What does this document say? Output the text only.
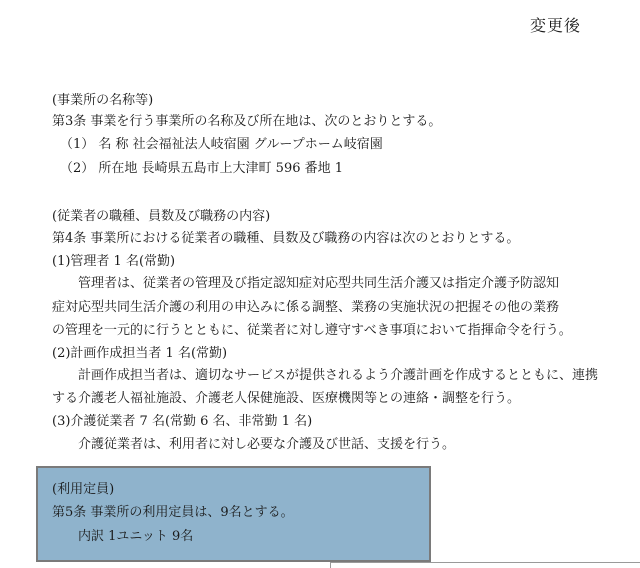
変更後
(事業所の名称等)
第3条 事業を行う事業所の名称及び所在地は、次のとおりとする。
（1） 名 称 社会福祉法人岐宿園 グループホーム岐宿園
（2） 所在地 長崎県五島市上大津町 596 番地 1
(従業者の職種、員数及び職務の内容)
第4条 事業所における従業者の職種、員数及び職務の内容は次のとおりとする。
(1)管理者 1 名(常勤)
管理者は、従業者の管理及び指定認知症対応型共同生活介護又は指定介護予防認知
症対応型共同生活介護の利用の申込みに係る調整、業務の実施状況の把握その他の業務
の管理を一元的に行うとともに、従業者に対し遵守すべき事項において指揮命令を行う。
(2)計画作成担当者 1 名(常勤)
計画作成担当者は、適切なサービスが提供されるよう介護計画を作成するとともに、連携
する介護老人福祉施設、介護老人保健施設、医療機関等との連絡・調整を行う。
(3)介護従業者 7 名(常勤 6 名、非常勤 1 名)
介護従業者は、利用者に対し必要な介護及び世話、支援を行う。
(利用定員)
第5条 事業所の利用定員は、9名とする。
内訳 1ユニット 9名
